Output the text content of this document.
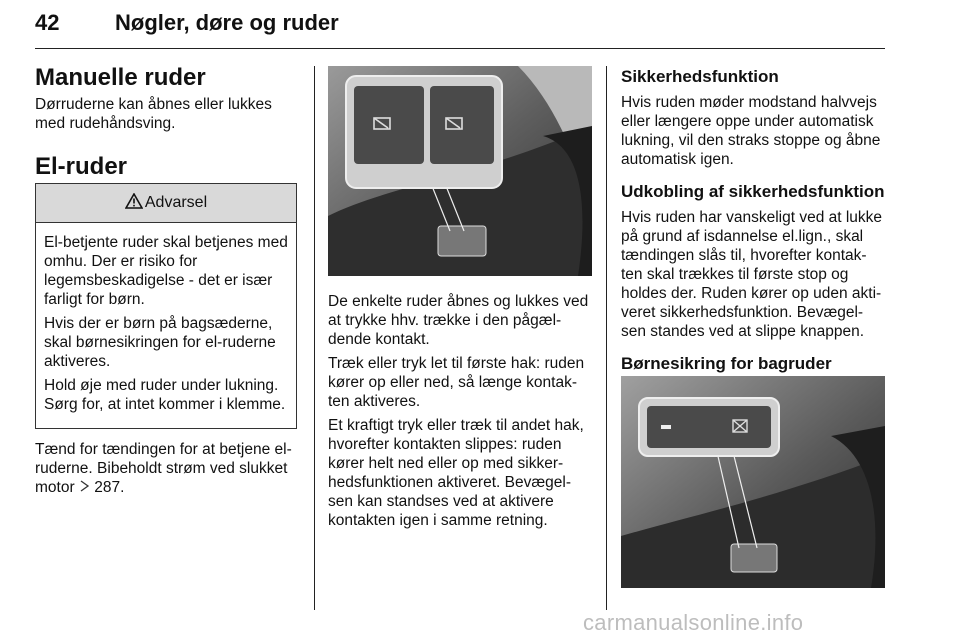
42	Nøgler, døre og ruder
Manuelle ruder

Dørruderne kan åbnes eller lukkes med rudehåndsving.

El-ruder
Advarsel

El-betjente ruder skal betjenes med omhu. Der er risiko for legemsbeskadigelse - det er især farligt for børn.

Hvis der er børn på bagsæderne, skal børnesikringen for el-ruderne aktiveres.

Hold øje med ruder under lukning. Sørg for, at intet kommer i klemme.

Tænd for tændingen for at betjene el-ruderne. Bibeholdt strøm ved slukket motor 287.

De enkelte ruder åbnes og lukkes ved at trykke hhv. trække i den pågæl-dende kontakt.

Træk eller tryk let til første hak: ruden kører op eller ned, så længe kontak-ten aktiveres.

Et kraftigt tryk eller træk til andet hak, hvorefter kontakten slippes: ruden kører helt ned eller op med sikker-hedsfunktionen aktiveret. Bevægel-sen kan standses ved at aktivere kontakten igen i samme retning.

Sikkerhedsfunktion

Hvis ruden møder modstand halvvejs eller længere oppe under automatisk lukning, vil den straks stoppe og åbne automatisk igen.

Udkobling af sikkerhedsfunktion

Hvis ruden har vanskeligt ved at lukke på grund af isdannelse el.lign., skal tændingen slås til, hvorefter kontak-ten skal trækkes til første stop og holdes der. Ruden kører op uden akti-veret sikkerhedsfunktion. Bevægel-sen standes ved at slippe knappen.

Børnesikring for bagruder
carmanualsonline.info
